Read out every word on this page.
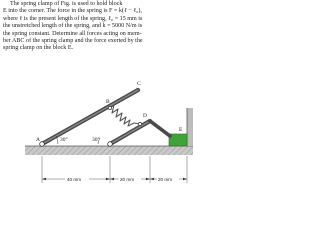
The spring clamp of Fig. is used to hold block
E into the corner. The force in the spring is F = k(ℓ − ℓ₀),
where ℓ is the present length of the spring, ℓ₀ = 15 mm is
the unstretched length of the spring, and k = 5000 N/m is
the spring constant. Determine all forces acting on mem-
ber ABC of the spring clamp and the force exerted by the
spring clamp on the block E.
A
B
C
D
E
30°	30°
40 mm	20 mm	20 mm
